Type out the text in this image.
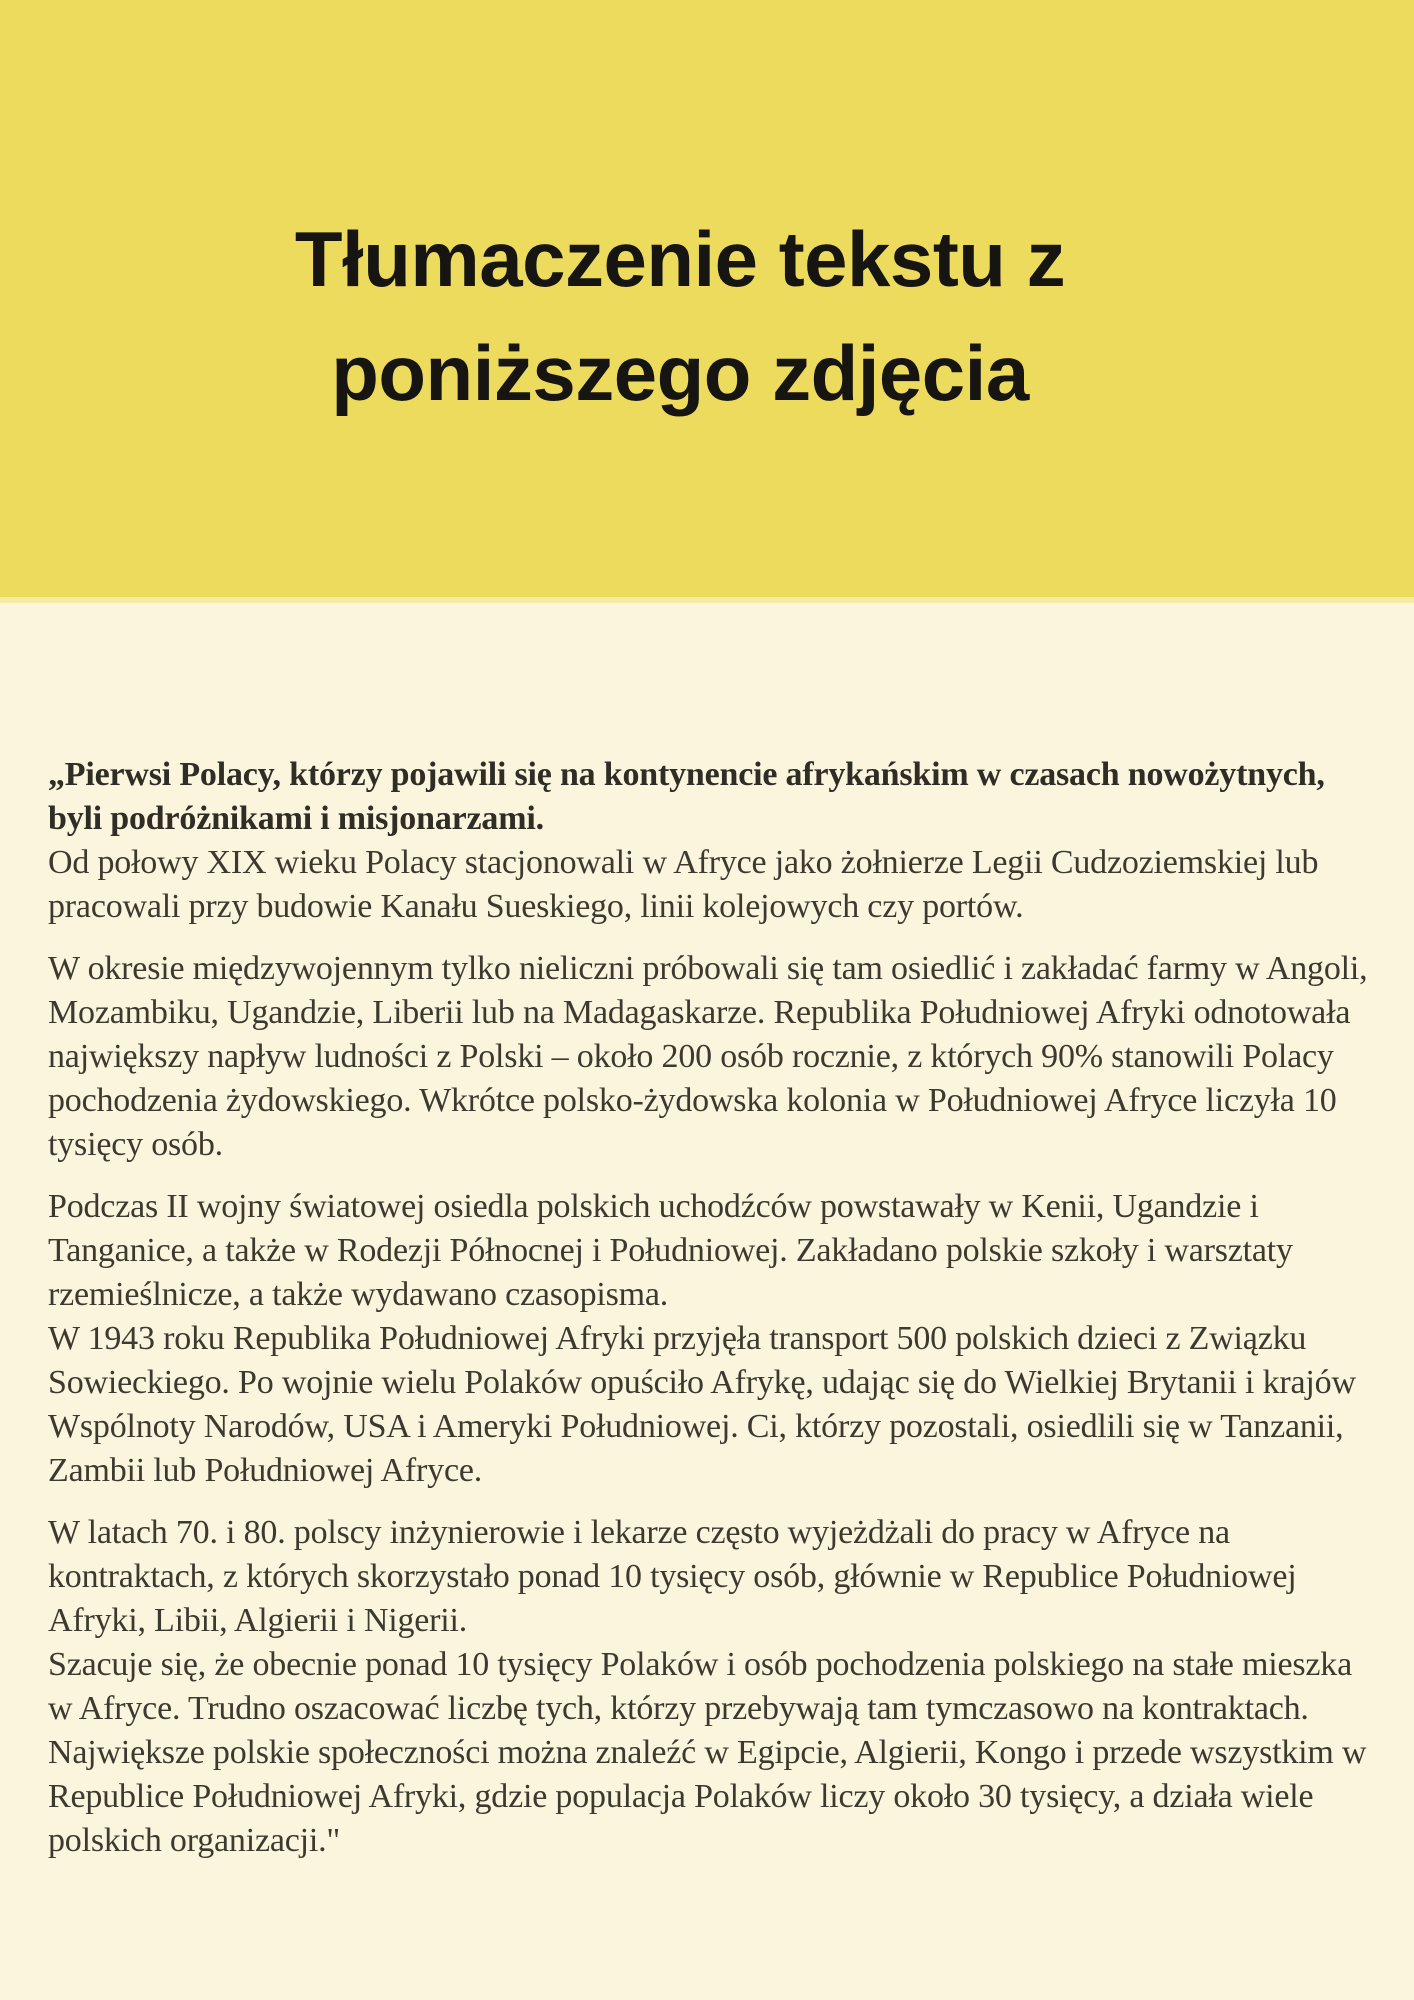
Tłumaczenie tekstu z
poniższego zdjęcia

„Pierwsi Polacy, którzy pojawili się na kontynencie afrykańskim w czasach nowożytnych, byli podróżnikami i misjonarzami.
Od połowy XIX wieku Polacy stacjonowali w Afryce jako żołnierze Legii Cudzoziemskiej lub pracowali przy budowie Kanału Sueskiego, linii kolejowych czy portów.

W okresie międzywojennym tylko nieliczni próbowali się tam osiedlić i zakładać farmy w Angoli, Mozambiku, Ugandzie, Liberii lub na Madagaskarze. Republika Południowej Afryki odnotowała największy napływ ludności z Polski – około 200 osób rocznie, z których 90% stanowili Polacy pochodzenia żydowskiego. Wkrótce polsko-żydowska kolonia w Południowej Afryce liczyła 10 tysięcy osób.

Podczas II wojny światowej osiedla polskich uchodźców powstawały w Kenii, Ugandzie i Tanganice, a także w Rodezji Północnej i Południowej. Zakładano polskie szkoły i warsztaty rzemieślnicze, a także wydawano czasopisma.
W 1943 roku Republika Południowej Afryki przyjęła transport 500 polskich dzieci z Związku Sowieckiego. Po wojnie wielu Polaków opuściło Afrykę, udając się do Wielkiej Brytanii i krajów Wspólnoty Narodów, USA i Ameryki Południowej. Ci, którzy pozostali, osiedlili się w Tanzanii, Zambii lub Południowej Afryce.

W latach 70. i 80. polscy inżynierowie i lekarze często wyjeżdżali do pracy w Afryce na kontraktach, z których skorzystało ponad 10 tysięcy osób, głównie w Republice Południowej Afryki, Libii, Algierii i Nigerii.
Szacuje się, że obecnie ponad 10 tysięcy Polaków i osób pochodzenia polskiego na stałe mieszka w Afryce. Trudno oszacować liczbę tych, którzy przebywają tam tymczasowo na kontraktach. Największe polskie społeczności można znaleźć w Egipcie, Algierii, Kongo i przede wszystkim w Republice Południowej Afryki, gdzie populacja Polaków liczy około 30 tysięcy, a działa wiele polskich organizacji."
